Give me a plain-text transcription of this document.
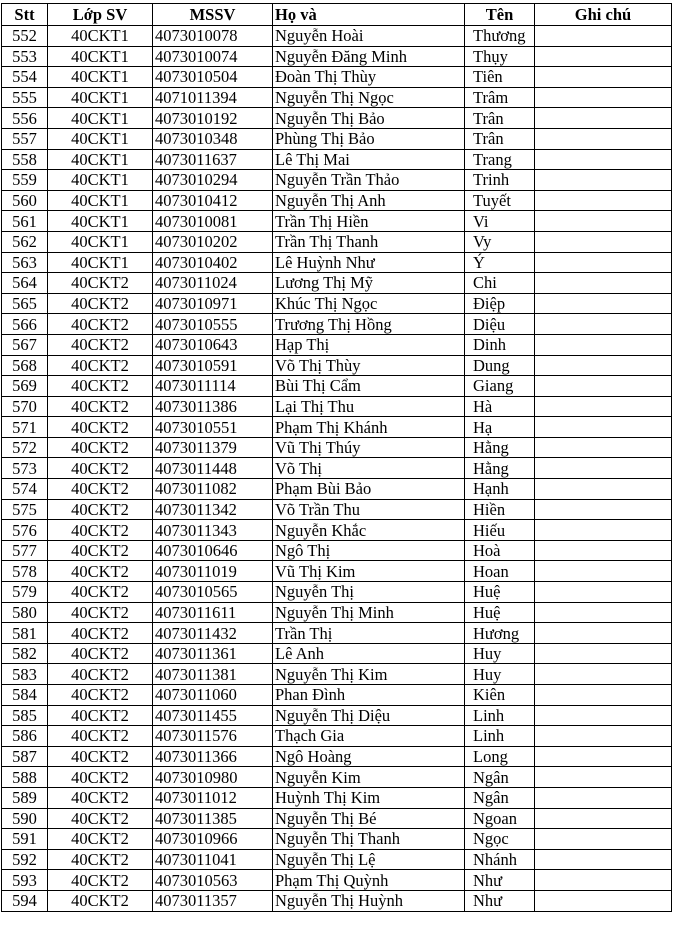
Stt	Lớp SV	MSSV	Họ và	Tên	Ghi chú
552	40CKT1	4073010078	Nguyễn Hoài	Thương	
553	40CKT1	4073010074	Nguyễn Đăng Minh	Thụy	
554	40CKT1	4073010504	Đoàn Thị Thùy	Tiên	
555	40CKT1	4071011394	Nguyễn Thị Ngọc	Trâm	
556	40CKT1	4073010192	Nguyễn Thị Bảo	Trân	
557	40CKT1	4073010348	Phùng Thị Bảo	Trân	
558	40CKT1	4073011637	Lê Thị Mai	Trang	
559	40CKT1	4073010294	Nguyễn Trần Thảo	Trinh	
560	40CKT1	4073010412	Nguyễn Thị Anh	Tuyết	
561	40CKT1	4073010081	Trần Thị Hiền	Vi	
562	40CKT1	4073010202	Trần Thị Thanh	Vy	
563	40CKT1	4073010402	Lê Huỳnh Như	Ý	
564	40CKT2	4073011024	Lương Thị Mỹ	Chi	
565	40CKT2	4073010971	Khúc Thị Ngọc	Điệp	
566	40CKT2	4073010555	Trương Thị Hồng	Diệu	
567	40CKT2	4073010643	Hạp Thị	Dinh	
568	40CKT2	4073010591	Võ Thị Thùy	Dung	
569	40CKT2	4073011114	Bùi Thị Cẩm	Giang	
570	40CKT2	4073011386	Lại Thị Thu	Hà	
571	40CKT2	4073010551	Phạm Thị Khánh	Hạ	
572	40CKT2	4073011379	Vũ Thị Thúy	Hằng	
573	40CKT2	4073011448	Võ Thị	Hằng	
574	40CKT2	4073011082	Phạm Bùi Bảo	Hạnh	
575	40CKT2	4073011342	Võ Trần Thu	Hiền	
576	40CKT2	4073011343	Nguyễn Khắc	Hiếu	
577	40CKT2	4073010646	Ngô Thị	Hoà	
578	40CKT2	4073011019	Vũ Thị Kim	Hoan	
579	40CKT2	4073010565	Nguyễn Thị	Huệ	
580	40CKT2	4073011611	Nguyễn Thị Minh	Huệ	
581	40CKT2	4073011432	Trần Thị	Hương	
582	40CKT2	4073011361	Lê Anh	Huy	
583	40CKT2	4073011381	Nguyễn Thị Kim	Huy	
584	40CKT2	4073011060	Phan Đình	Kiên	
585	40CKT2	4073011455	Nguyễn Thị Diệu	Linh	
586	40CKT2	4073011576	Thạch Gia	Linh	
587	40CKT2	4073011366	Ngô Hoàng	Long	
588	40CKT2	4073010980	Nguyễn Kim	Ngân	
589	40CKT2	4073011012	Huỳnh Thị Kim	Ngân	
590	40CKT2	4073011385	Nguyễn Thị Bé	Ngoan	
591	40CKT2	4073010966	Nguyễn Thị Thanh	Ngọc	
592	40CKT2	4073011041	Nguyễn Thị Lệ	Nhánh	
593	40CKT2	4073010563	Phạm Thị Quỳnh	Như	
594	40CKT2	4073011357	Nguyễn Thị Huỳnh	Như	
